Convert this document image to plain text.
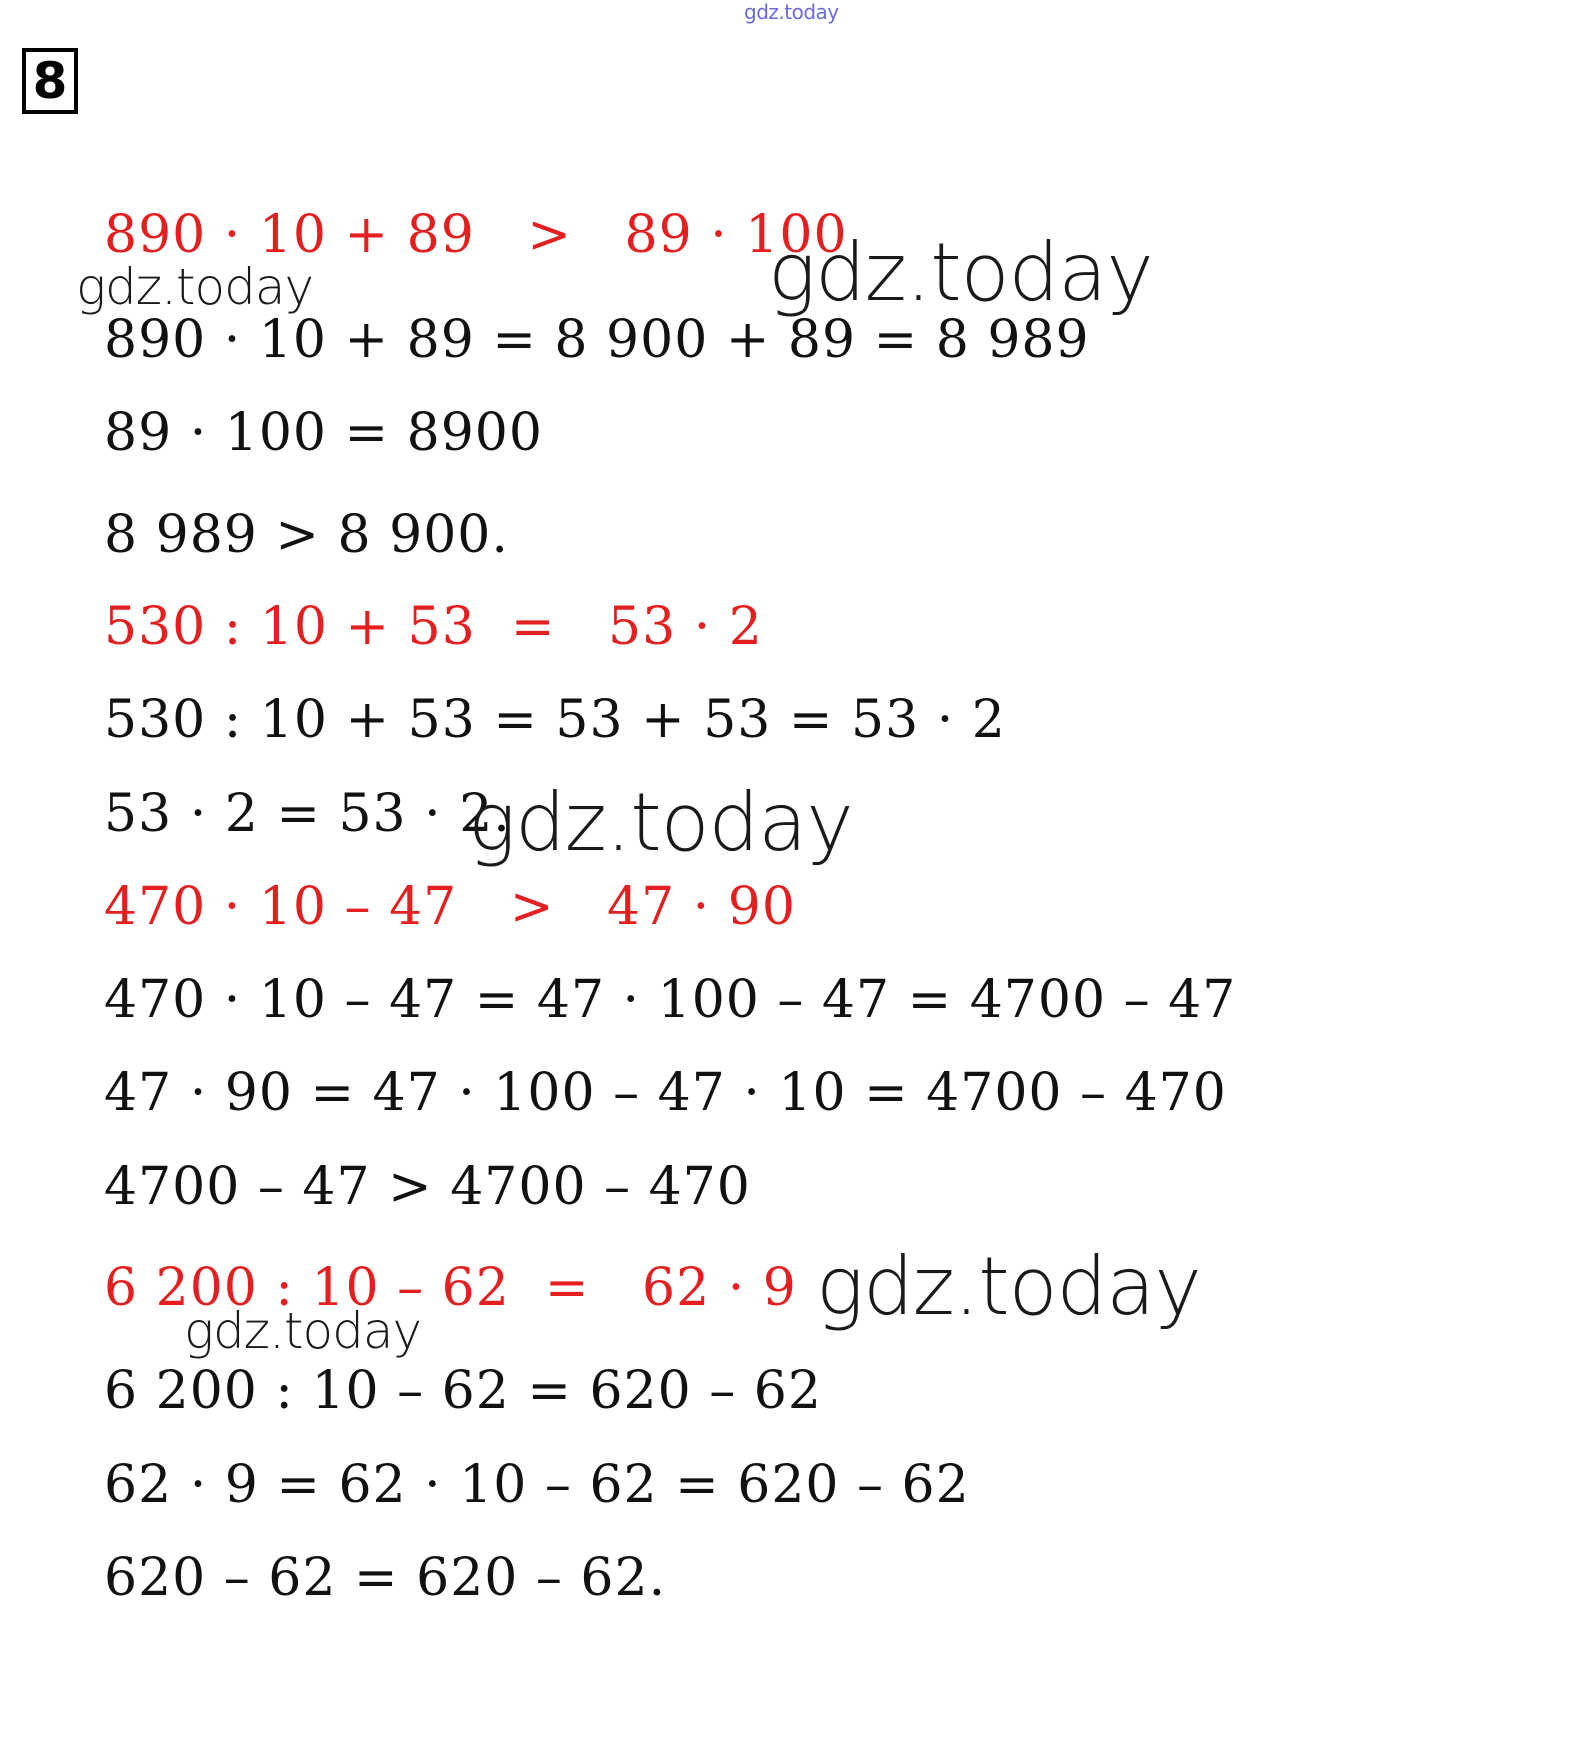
gdz.today
8
890 · 10 + 89   >   89 · 100
890 · 10 + 89 = 8 900 + 89 = 8 989
89 · 100 = 8900
8 989 > 8 900.
530 : 10 + 53  =   53 · 2
530 : 10 + 53 = 53 + 53 = 53 · 2
53 · 2 = 53 · 2.
470 · 10 – 47   >   47 · 90
470 · 10 – 47 = 47 · 100 – 47 = 4700 – 47
47 · 90 = 47 · 100 – 47 · 10 = 4700 – 470
4700 – 47 > 4700 – 470
6 200 : 10 – 62  =   62 · 9
6 200 : 10 – 62 = 620 – 62
62 · 9 = 62 · 10 – 62 = 620 – 62
620 – 62 = 620 – 62.
gdz.today	gdz.today
gdz.today
gdz.today
gdz.today
